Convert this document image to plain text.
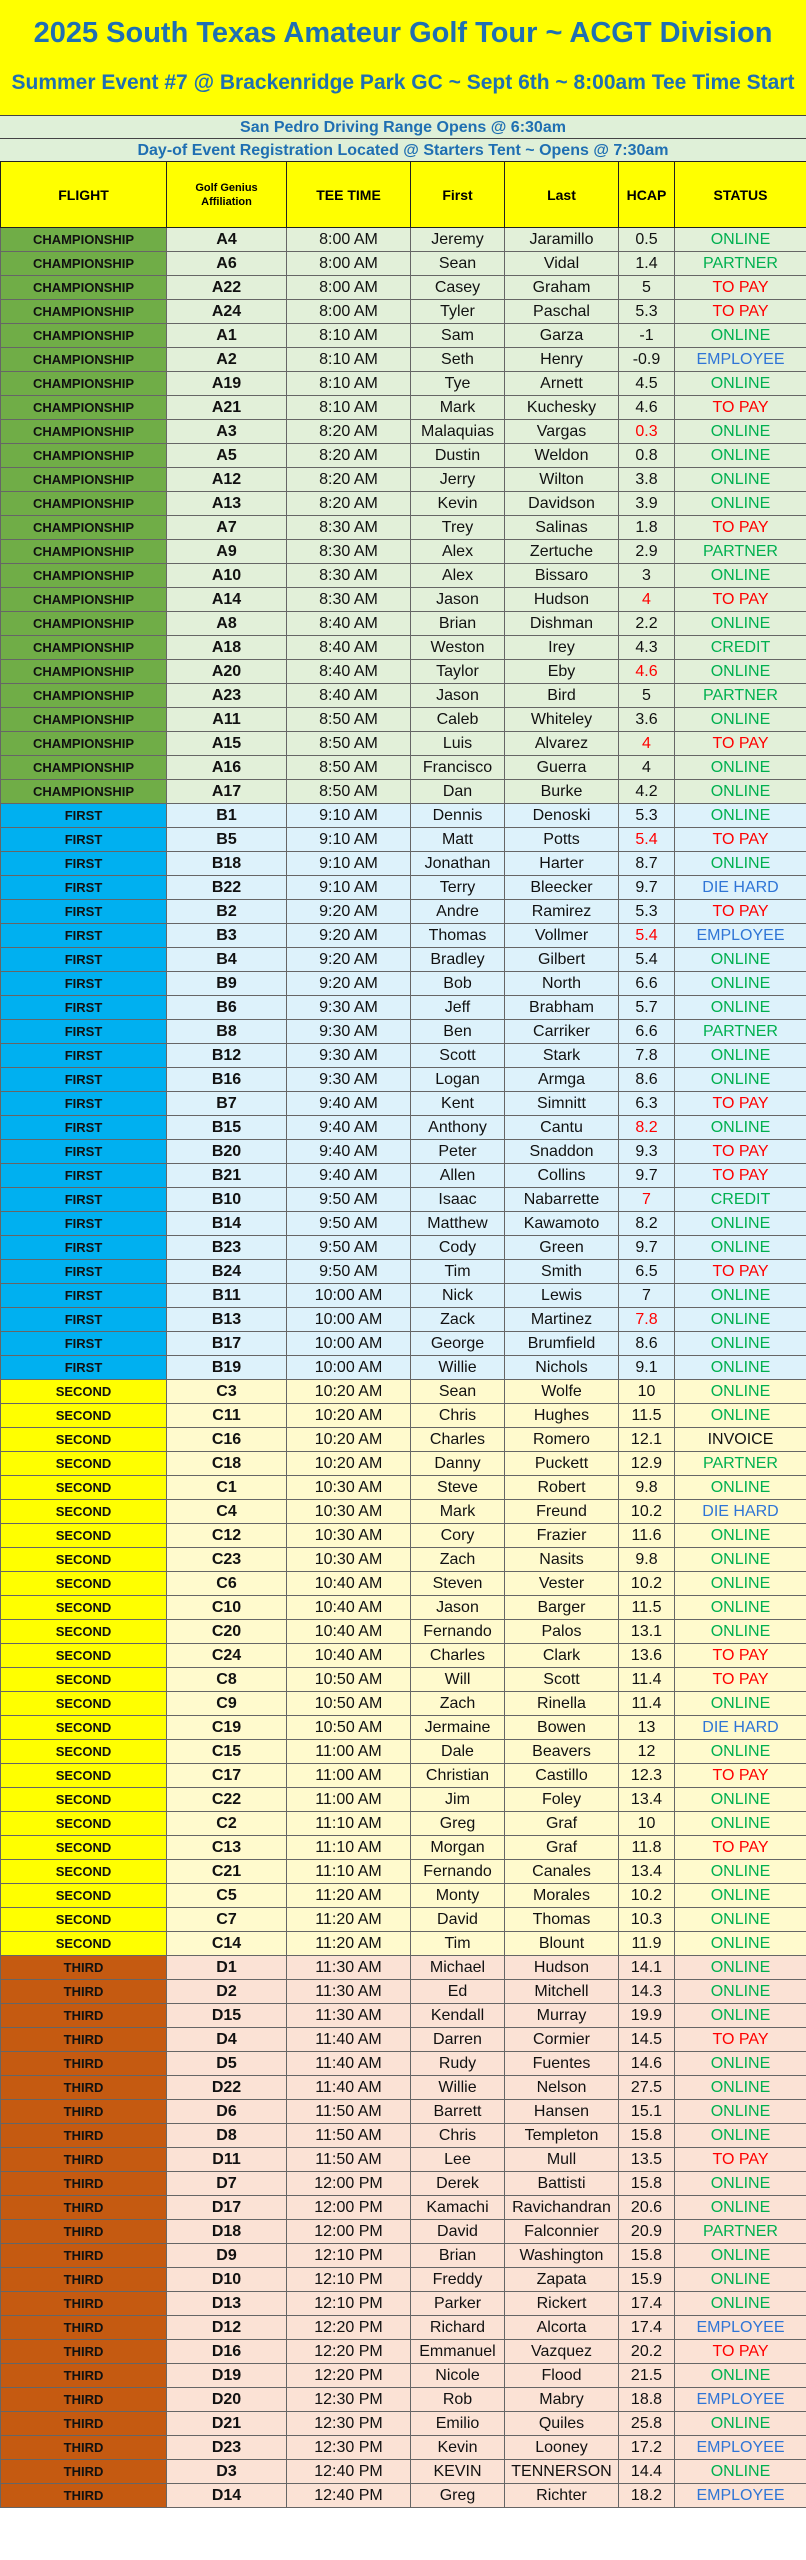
2025 South Texas Amateur Golf Tour ~ ACGT Division
Summer Event #7 @ Brackenridge Park GC ~ Sept 6th ~ 8:00am Tee Time Start
San Pedro Driving Range Opens @ 6:30am
Day-of Event Registration Located @ Starters Tent ~ Opens @ 7:30am
FLIGHT	Golf Genius
Affiliation	TEE TIME	First	Last	HCAP	STATUS
CHAMPIONSHIP	A4	8:00 AM	Jeremy	Jaramillo	0.5	ONLINE
CHAMPIONSHIP	A6	8:00 AM	Sean	Vidal	1.4	PARTNER
CHAMPIONSHIP	A22	8:00 AM	Casey	Graham	5	TO PAY
CHAMPIONSHIP	A24	8:00 AM	Tyler	Paschal	5.3	TO PAY
CHAMPIONSHIP	A1	8:10 AM	Sam	Garza	-1	ONLINE
CHAMPIONSHIP	A2	8:10 AM	Seth	Henry	-0.9	EMPLOYEE
CHAMPIONSHIP	A19	8:10 AM	Tye	Arnett	4.5	ONLINE
CHAMPIONSHIP	A21	8:10 AM	Mark	Kuchesky	4.6	TO PAY
CHAMPIONSHIP	A3	8:20 AM	Malaquias	Vargas	0.3	ONLINE
CHAMPIONSHIP	A5	8:20 AM	Dustin	Weldon	0.8	ONLINE
CHAMPIONSHIP	A12	8:20 AM	Jerry	Wilton	3.8	ONLINE
CHAMPIONSHIP	A13	8:20 AM	Kevin	Davidson	3.9	ONLINE
CHAMPIONSHIP	A7	8:30 AM	Trey	Salinas	1.8	TO PAY
CHAMPIONSHIP	A9	8:30 AM	Alex	Zertuche	2.9	PARTNER
CHAMPIONSHIP	A10	8:30 AM	Alex	Bissaro	3	ONLINE
CHAMPIONSHIP	A14	8:30 AM	Jason	Hudson	4	TO PAY
CHAMPIONSHIP	A8	8:40 AM	Brian	Dishman	2.2	ONLINE
CHAMPIONSHIP	A18	8:40 AM	Weston	Irey	4.3	CREDIT
CHAMPIONSHIP	A20	8:40 AM	Taylor	Eby	4.6	ONLINE
CHAMPIONSHIP	A23	8:40 AM	Jason	Bird	5	PARTNER
CHAMPIONSHIP	A11	8:50 AM	Caleb	Whiteley	3.6	ONLINE
CHAMPIONSHIP	A15	8:50 AM	Luis	Alvarez	4	TO PAY
CHAMPIONSHIP	A16	8:50 AM	Francisco	Guerra	4	ONLINE
CHAMPIONSHIP	A17	8:50 AM	Dan	Burke	4.2	ONLINE
FIRST	B1	9:10 AM	Dennis	Denoski	5.3	ONLINE
FIRST	B5	9:10 AM	Matt	Potts	5.4	TO PAY
FIRST	B18	9:10 AM	Jonathan	Harter	8.7	ONLINE
FIRST	B22	9:10 AM	Terry	Bleecker	9.7	DIE HARD
FIRST	B2	9:20 AM	Andre	Ramirez	5.3	TO PAY
FIRST	B3	9:20 AM	Thomas	Vollmer	5.4	EMPLOYEE
FIRST	B4	9:20 AM	Bradley	Gilbert	5.4	ONLINE
FIRST	B9	9:20 AM	Bob	North	6.6	ONLINE
FIRST	B6	9:30 AM	Jeff	Brabham	5.7	ONLINE
FIRST	B8	9:30 AM	Ben	Carriker	6.6	PARTNER
FIRST	B12	9:30 AM	Scott	Stark	7.8	ONLINE
FIRST	B16	9:30 AM	Logan	Armga	8.6	ONLINE
FIRST	B7	9:40 AM	Kent	Simnitt	6.3	TO PAY
FIRST	B15	9:40 AM	Anthony	Cantu	8.2	ONLINE
FIRST	B20	9:40 AM	Peter	Snaddon	9.3	TO PAY
FIRST	B21	9:40 AM	Allen	Collins	9.7	TO PAY
FIRST	B10	9:50 AM	Isaac	Nabarrette	7	CREDIT
FIRST	B14	9:50 AM	Matthew	Kawamoto	8.2	ONLINE
FIRST	B23	9:50 AM	Cody	Green	9.7	ONLINE
FIRST	B24	9:50 AM	Tim	Smith	6.5	TO PAY
FIRST	B11	10:00 AM	Nick	Lewis	7	ONLINE
FIRST	B13	10:00 AM	Zack	Martinez	7.8	ONLINE
FIRST	B17	10:00 AM	George	Brumfield	8.6	ONLINE
FIRST	B19	10:00 AM	Willie	Nichols	9.1	ONLINE
SECOND	C3	10:20 AM	Sean	Wolfe	10	ONLINE
SECOND	C11	10:20 AM	Chris	Hughes	11.5	ONLINE
SECOND	C16	10:20 AM	Charles	Romero	12.1	INVOICE
SECOND	C18	10:20 AM	Danny	Puckett	12.9	PARTNER
SECOND	C1	10:30 AM	Steve	Robert	9.8	ONLINE
SECOND	C4	10:30 AM	Mark	Freund	10.2	DIE HARD
SECOND	C12	10:30 AM	Cory	Frazier	11.6	ONLINE
SECOND	C23	10:30 AM	Zach	Nasits	9.8	ONLINE
SECOND	C6	10:40 AM	Steven	Vester	10.2	ONLINE
SECOND	C10	10:40 AM	Jason	Barger	11.5	ONLINE
SECOND	C20	10:40 AM	Fernando	Palos	13.1	ONLINE
SECOND	C24	10:40 AM	Charles	Clark	13.6	TO PAY
SECOND	C8	10:50 AM	Will	Scott	11.4	TO PAY
SECOND	C9	10:50 AM	Zach	Rinella	11.4	ONLINE
SECOND	C19	10:50 AM	Jermaine	Bowen	13	DIE HARD
SECOND	C15	11:00 AM	Dale	Beavers	12	ONLINE
SECOND	C17	11:00 AM	Christian	Castillo	12.3	TO PAY
SECOND	C22	11:00 AM	Jim	Foley	13.4	ONLINE
SECOND	C2	11:10 AM	Greg	Graf	10	ONLINE
SECOND	C13	11:10 AM	Morgan	Graf	11.8	TO PAY
SECOND	C21	11:10 AM	Fernando	Canales	13.4	ONLINE
SECOND	C5	11:20 AM	Monty	Morales	10.2	ONLINE
SECOND	C7	11:20 AM	David	Thomas	10.3	ONLINE
SECOND	C14	11:20 AM	Tim	Blount	11.9	ONLINE
THIRD	D1	11:30 AM	Michael	Hudson	14.1	ONLINE
THIRD	D2	11:30 AM	Ed	Mitchell	14.3	ONLINE
THIRD	D15	11:30 AM	Kendall	Murray	19.9	ONLINE
THIRD	D4	11:40 AM	Darren	Cormier	14.5	TO PAY
THIRD	D5	11:40 AM	Rudy	Fuentes	14.6	ONLINE
THIRD	D22	11:40 AM	Willie	Nelson	27.5	ONLINE
THIRD	D6	11:50 AM	Barrett	Hansen	15.1	ONLINE
THIRD	D8	11:50 AM	Chris	Templeton	15.8	ONLINE
THIRD	D11	11:50 AM	Lee	Mull	13.5	TO PAY
THIRD	D7	12:00 PM	Derek	Battisti	15.8	ONLINE
THIRD	D17	12:00 PM	Kamachi	Ravichandran	20.6	ONLINE
THIRD	D18	12:00 PM	David	Falconnier	20.9	PARTNER
THIRD	D9	12:10 PM	Brian	Washington	15.8	ONLINE
THIRD	D10	12:10 PM	Freddy	Zapata	15.9	ONLINE
THIRD	D13	12:10 PM	Parker	Rickert	17.4	ONLINE
THIRD	D12	12:20 PM	Richard	Alcorta	17.4	EMPLOYEE
THIRD	D16	12:20 PM	Emmanuel	Vazquez	20.2	TO PAY
THIRD	D19	12:20 PM	Nicole	Flood	21.5	ONLINE
THIRD	D20	12:30 PM	Rob	Mabry	18.8	EMPLOYEE
THIRD	D21	12:30 PM	Emilio	Quiles	25.8	ONLINE
THIRD	D23	12:30 PM	Kevin	Looney	17.2	EMPLOYEE
THIRD	D3	12:40 PM	KEVIN	TENNERSON	14.4	ONLINE
THIRD	D14	12:40 PM	Greg	Richter	18.2	EMPLOYEE
